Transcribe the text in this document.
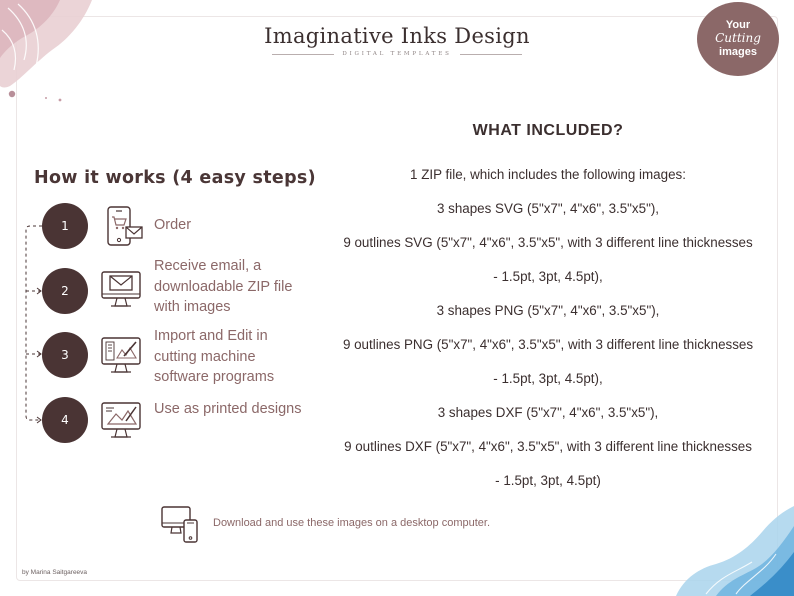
Imaginative Inks Design
DIGITAL TEMPLATES
Your
Cutting
images
How it works (4 easy steps)
1	Order
2
Receive email, a downloadable ZIP file with images
3
Import and Edit in cutting machine software programs
4
Use as printed designs
WHAT INCLUDED?
1 ZIP file, which includes the following images:
3 shapes SVG (5"x7", 4"x6", 3.5"x5"),
9 outlines SVG (5"x7", 4"x6", 3.5"x5", with 3 different line thicknesses
- 1.5pt, 3pt, 4.5pt),
3 shapes PNG (5"x7", 4"x6", 3.5"x5"),
9 outlines PNG (5"x7", 4"x6", 3.5"x5", with 3 different line thicknesses
- 1.5pt, 3pt, 4.5pt),
3 shapes DXF (5"x7", 4"x6", 3.5"x5"),
9 outlines DXF (5"x7", 4"x6", 3.5"x5", with 3 different line thicknesses
- 1.5pt, 3pt, 4.5pt)
Download and use these images on a desktop computer.
by Marina Saitgareeva
